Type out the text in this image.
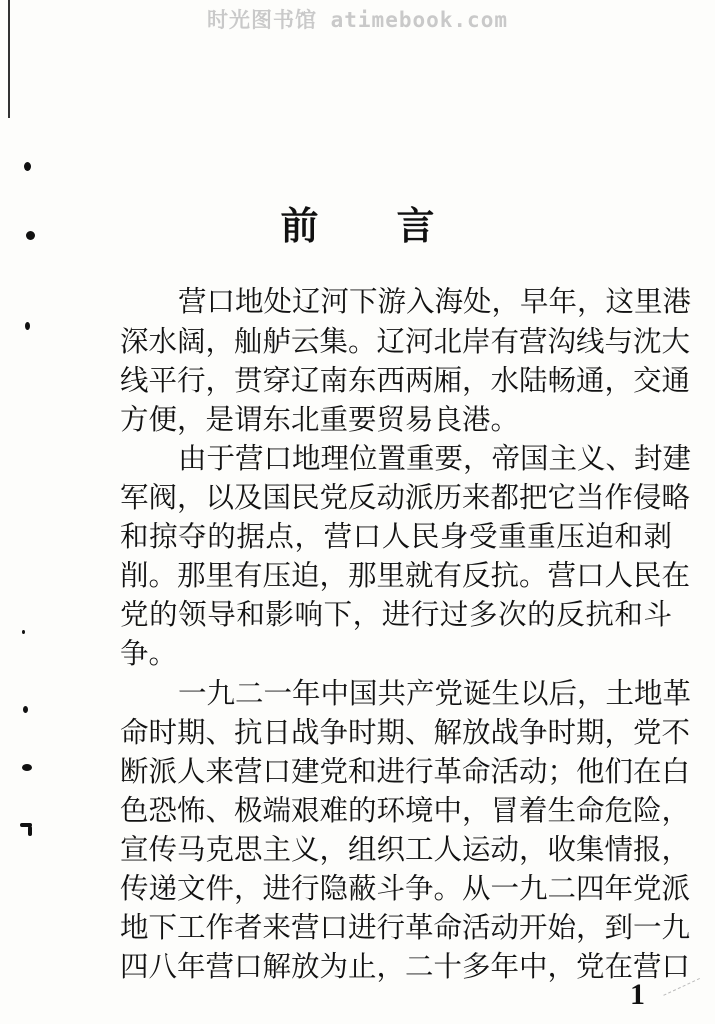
时光图书馆 atimebook.com
前言
营口地处辽河下游入海处，早年，这里港
深水阔，舢舻云集。辽河北岸有营沟线与沈大
线平行，贯穿辽南东西两厢，水陆畅通，交通
方便，是谓东北重要贸易良港。
由于营口地理位置重要，帝国主义、封建
军阀，以及国民党反动派历来都把它当作侵略
和掠夺的据点，营口人民身受重重压迫和剥
削。那里有压迫，那里就有反抗。营口人民在
党的领导和影响下，进行过多次的反抗和斗
争。
一九二一年中国共产党诞生以后，土地革
命时期、抗日战争时期、解放战争时期，党不
断派人来营口建党和进行革命活动；他们在白
色恐怖、极端艰难的环境中，冒着生命危险，
宣传马克思主义，组织工人运动，收集情报，
传递文件，进行隐蔽斗争。从一九二四年党派
地下工作者来营口进行革命活动开始，到一九
四八年营口解放为止，二十多年中，党在营口
1
